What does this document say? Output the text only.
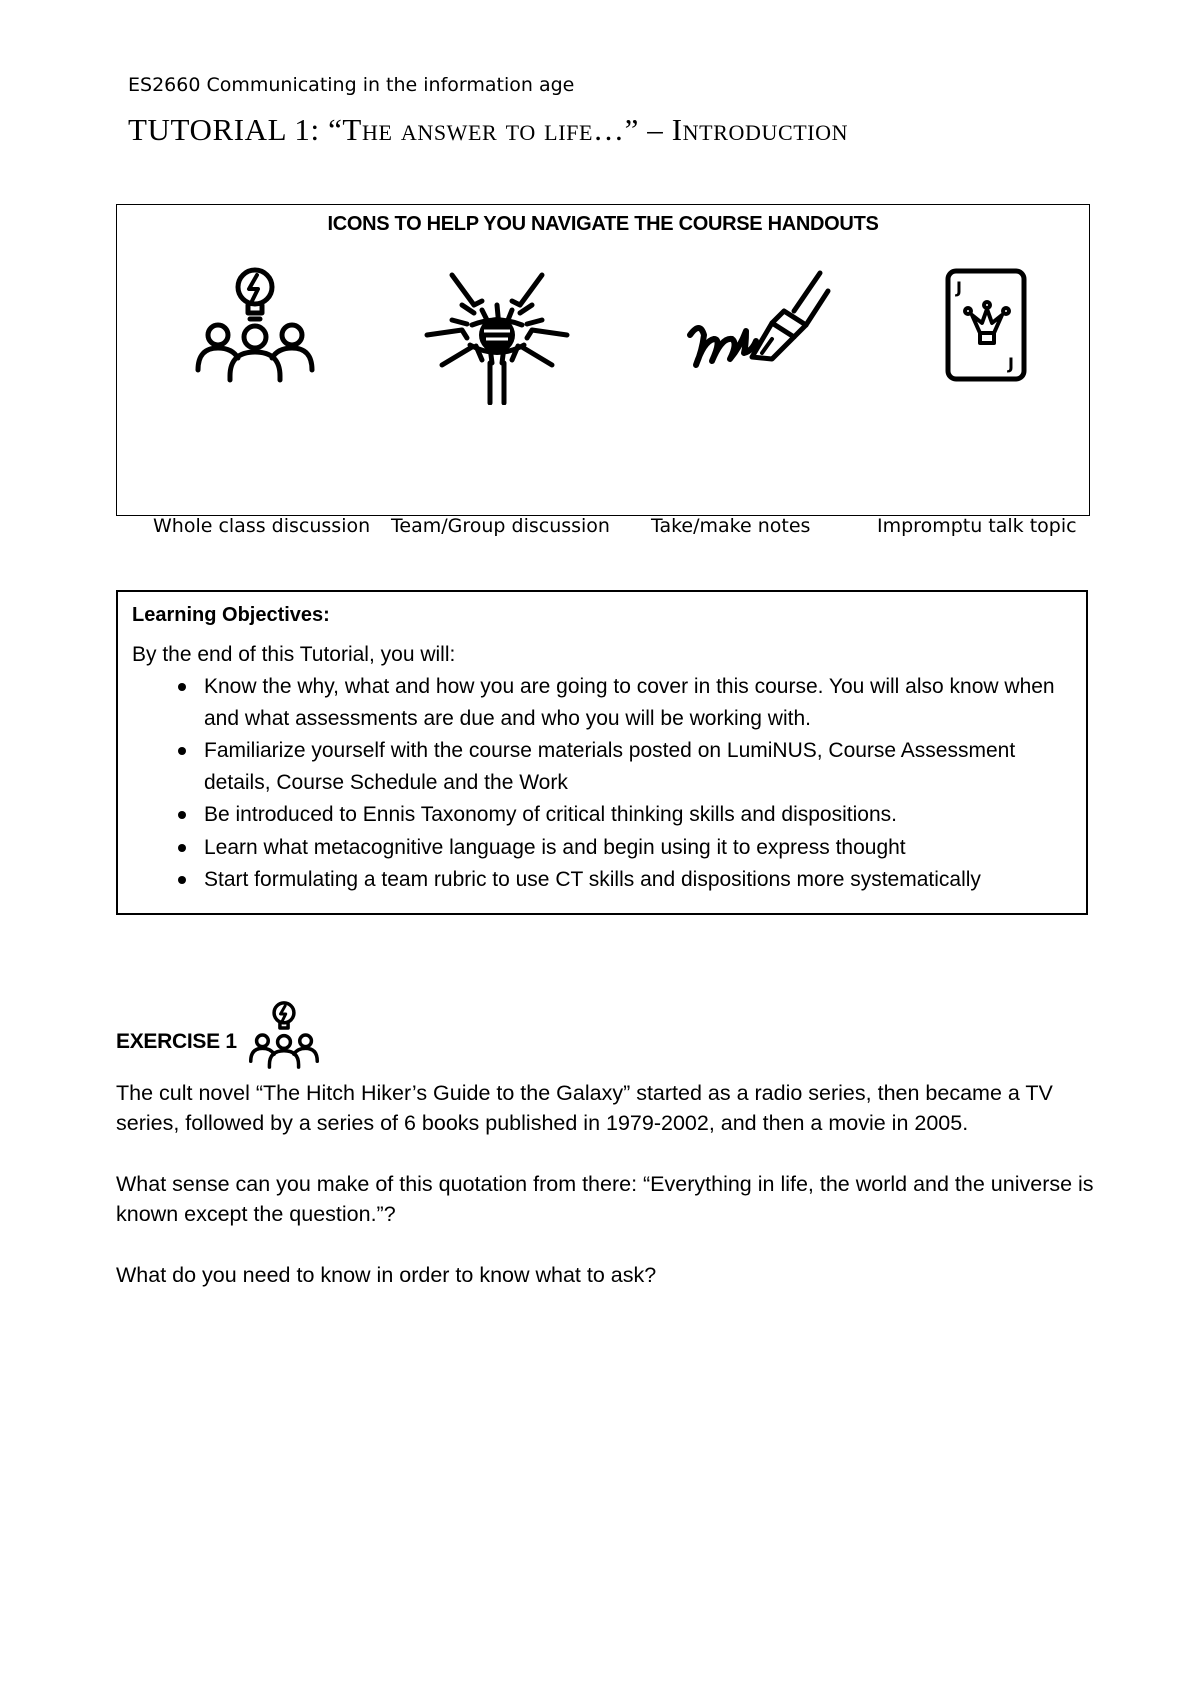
ES2660 Communicating in the information age
TUTORIAL 1: “The answer to life…” – Introduction
ICONS TO HELP YOU NAVIGATE THE COURSE HANDOUTS
Whole class discussion	Team/Group discussion	Take/make notes
J
J
Impromptu talk topic

Learning Objectives:

By the end of this Tutorial, you will:

Know the why, what and how you are going to cover in this course. You will also know when and what assessments are due and who you will be working with.
Familiarize yourself with the course materials posted on LumiNUS, Course Assessment details, Course Schedule and the Work
Be introduced to Ennis Taxonomy of critical thinking skills and dispositions.
Learn what metacognitive language is and begin using it to express thought
Start formulating a team rubric to use CT skills and dispositions more systematically
EXERCISE 1

The cult novel “The Hitch Hiker’s Guide to the Galaxy” started as a radio series, then became a TV series, followed by a series of 6 books published in 1979-2002, and then a movie in 2005.

What sense can you make of this quotation from there: “Everything in life, the world and the universe is known except the question.”?

What do you need to know in order to know what to ask?
